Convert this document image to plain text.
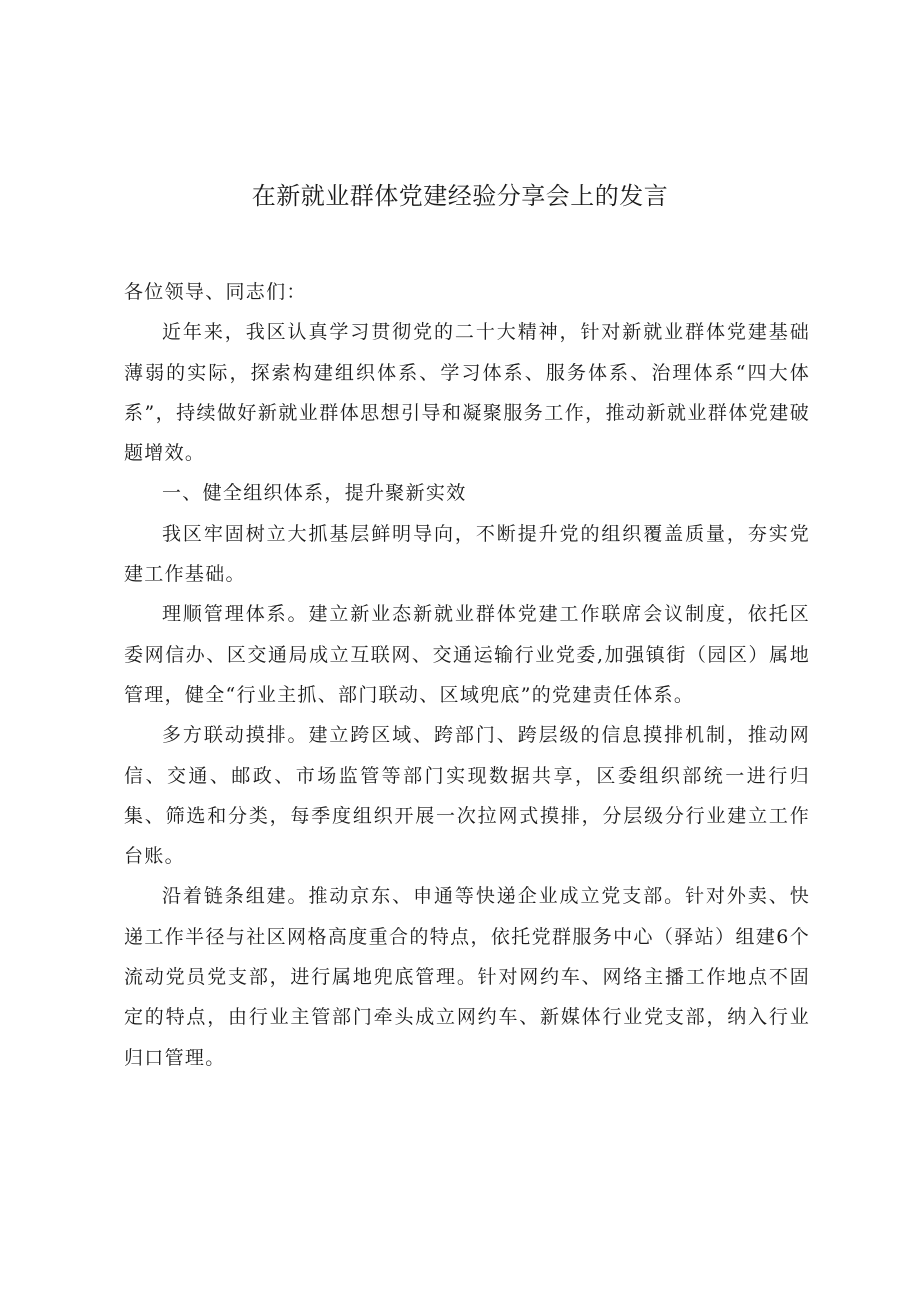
在新就业群体党建经验分享会上的发言

各位领导、同志们：

近年来，我区认真学习贯彻党的二十大精神，针对新就业群体党建基础薄弱的实际，探索构建组织体系、学习体系、服务体系、治理体系“四大体系”，持续做好新就业群体思想引导和凝聚服务工作，推动新就业群体党建破题增效。

一、健全组织体系，提升聚新实效

我区牢固树立大抓基层鲜明导向，不断提升党的组织覆盖质量，夯实党建工作基础。

理顺管理体系。建立新业态新就业群体党建工作联席会议制度，依托区委网信办、区交通局成立互联网、交通运输行业党委,加强镇街（园区）属地管理，健全“行业主抓、部门联动、区域兜底”的党建责任体系。

多方联动摸排。建立跨区域、跨部门、跨层级的信息摸排机制，推动网信、交通、邮政、市场监管等部门实现数据共享，区委组织部统一进行归集、筛选和分类，每季度组织开展一次拉网式摸排，分层级分行业建立工作台账。

沿着链条组建。推动京东、申通等快递企业成立党支部。针对外卖、快递工作半径与社区网格高度重合的特点，依托党群服务中心（驿站）组建6个流动党员党支部，进行属地兜底管理。针对网约车、网络主播工作地点不固定的特点，由行业主管部门牵头成立网约车、新媒体行业党支部，纳入行业归口管理。
